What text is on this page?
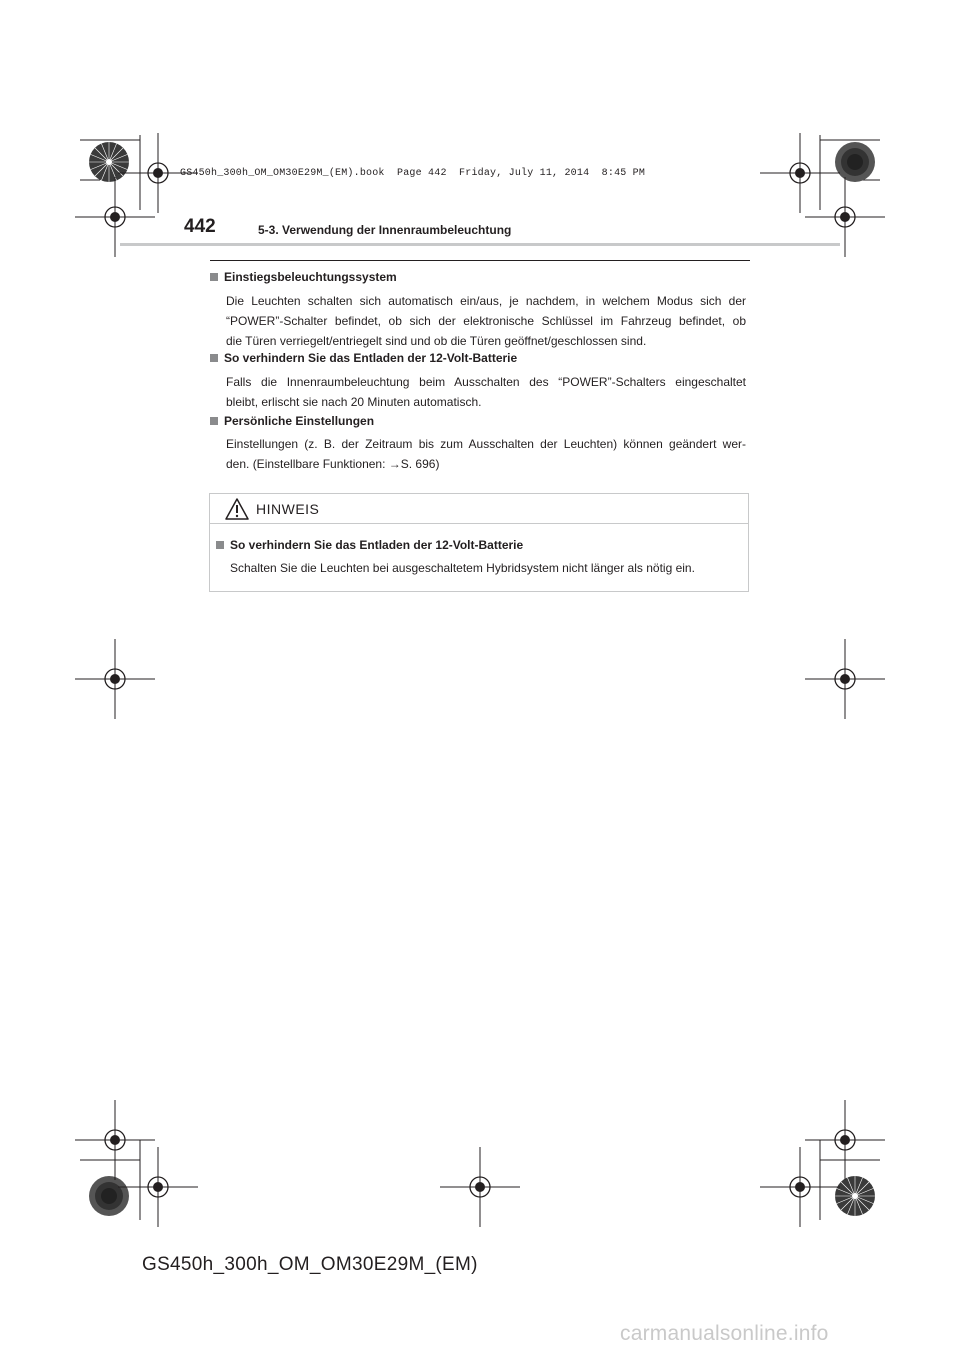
GS450h_300h_OM_OM30E29M_(EM).book  Page 442  Friday, July 11, 2014  8:45 PM
442	5-3. Verwendung der Innenraumbeleuchtung
Einstiegsbeleuchtungssystem
Die Leuchten schalten sich automatisch ein/aus, je nachdem, in welchem Modus sich der
“POWER”-Schalter befindet, ob sich der elektronische Schlüssel im Fahrzeug befindet, ob
die Türen verriegelt/entriegelt sind und ob die Türen geöffnet/geschlossen sind.
So verhindern Sie das Entladen der 12-Volt-Batterie
Falls die Innenraumbeleuchtung beim Ausschalten des “POWER”-Schalters eingeschaltet
bleibt, erlischt sie nach 20 Minuten automatisch.
Persönliche Einstellungen
Einstellungen (z. B. der Zeitraum bis zum Ausschalten der Leuchten) können geändert wer-
den. (Einstellbare Funktionen: →S. 696)
HINWEIS
So verhindern Sie das Entladen der 12-Volt-Batterie
Schalten Sie die Leuchten bei ausgeschaltetem Hybridsystem nicht länger als nötig ein.
GS450h_300h_OM_OM30E29M_(EM)
carmanualsonline.info
